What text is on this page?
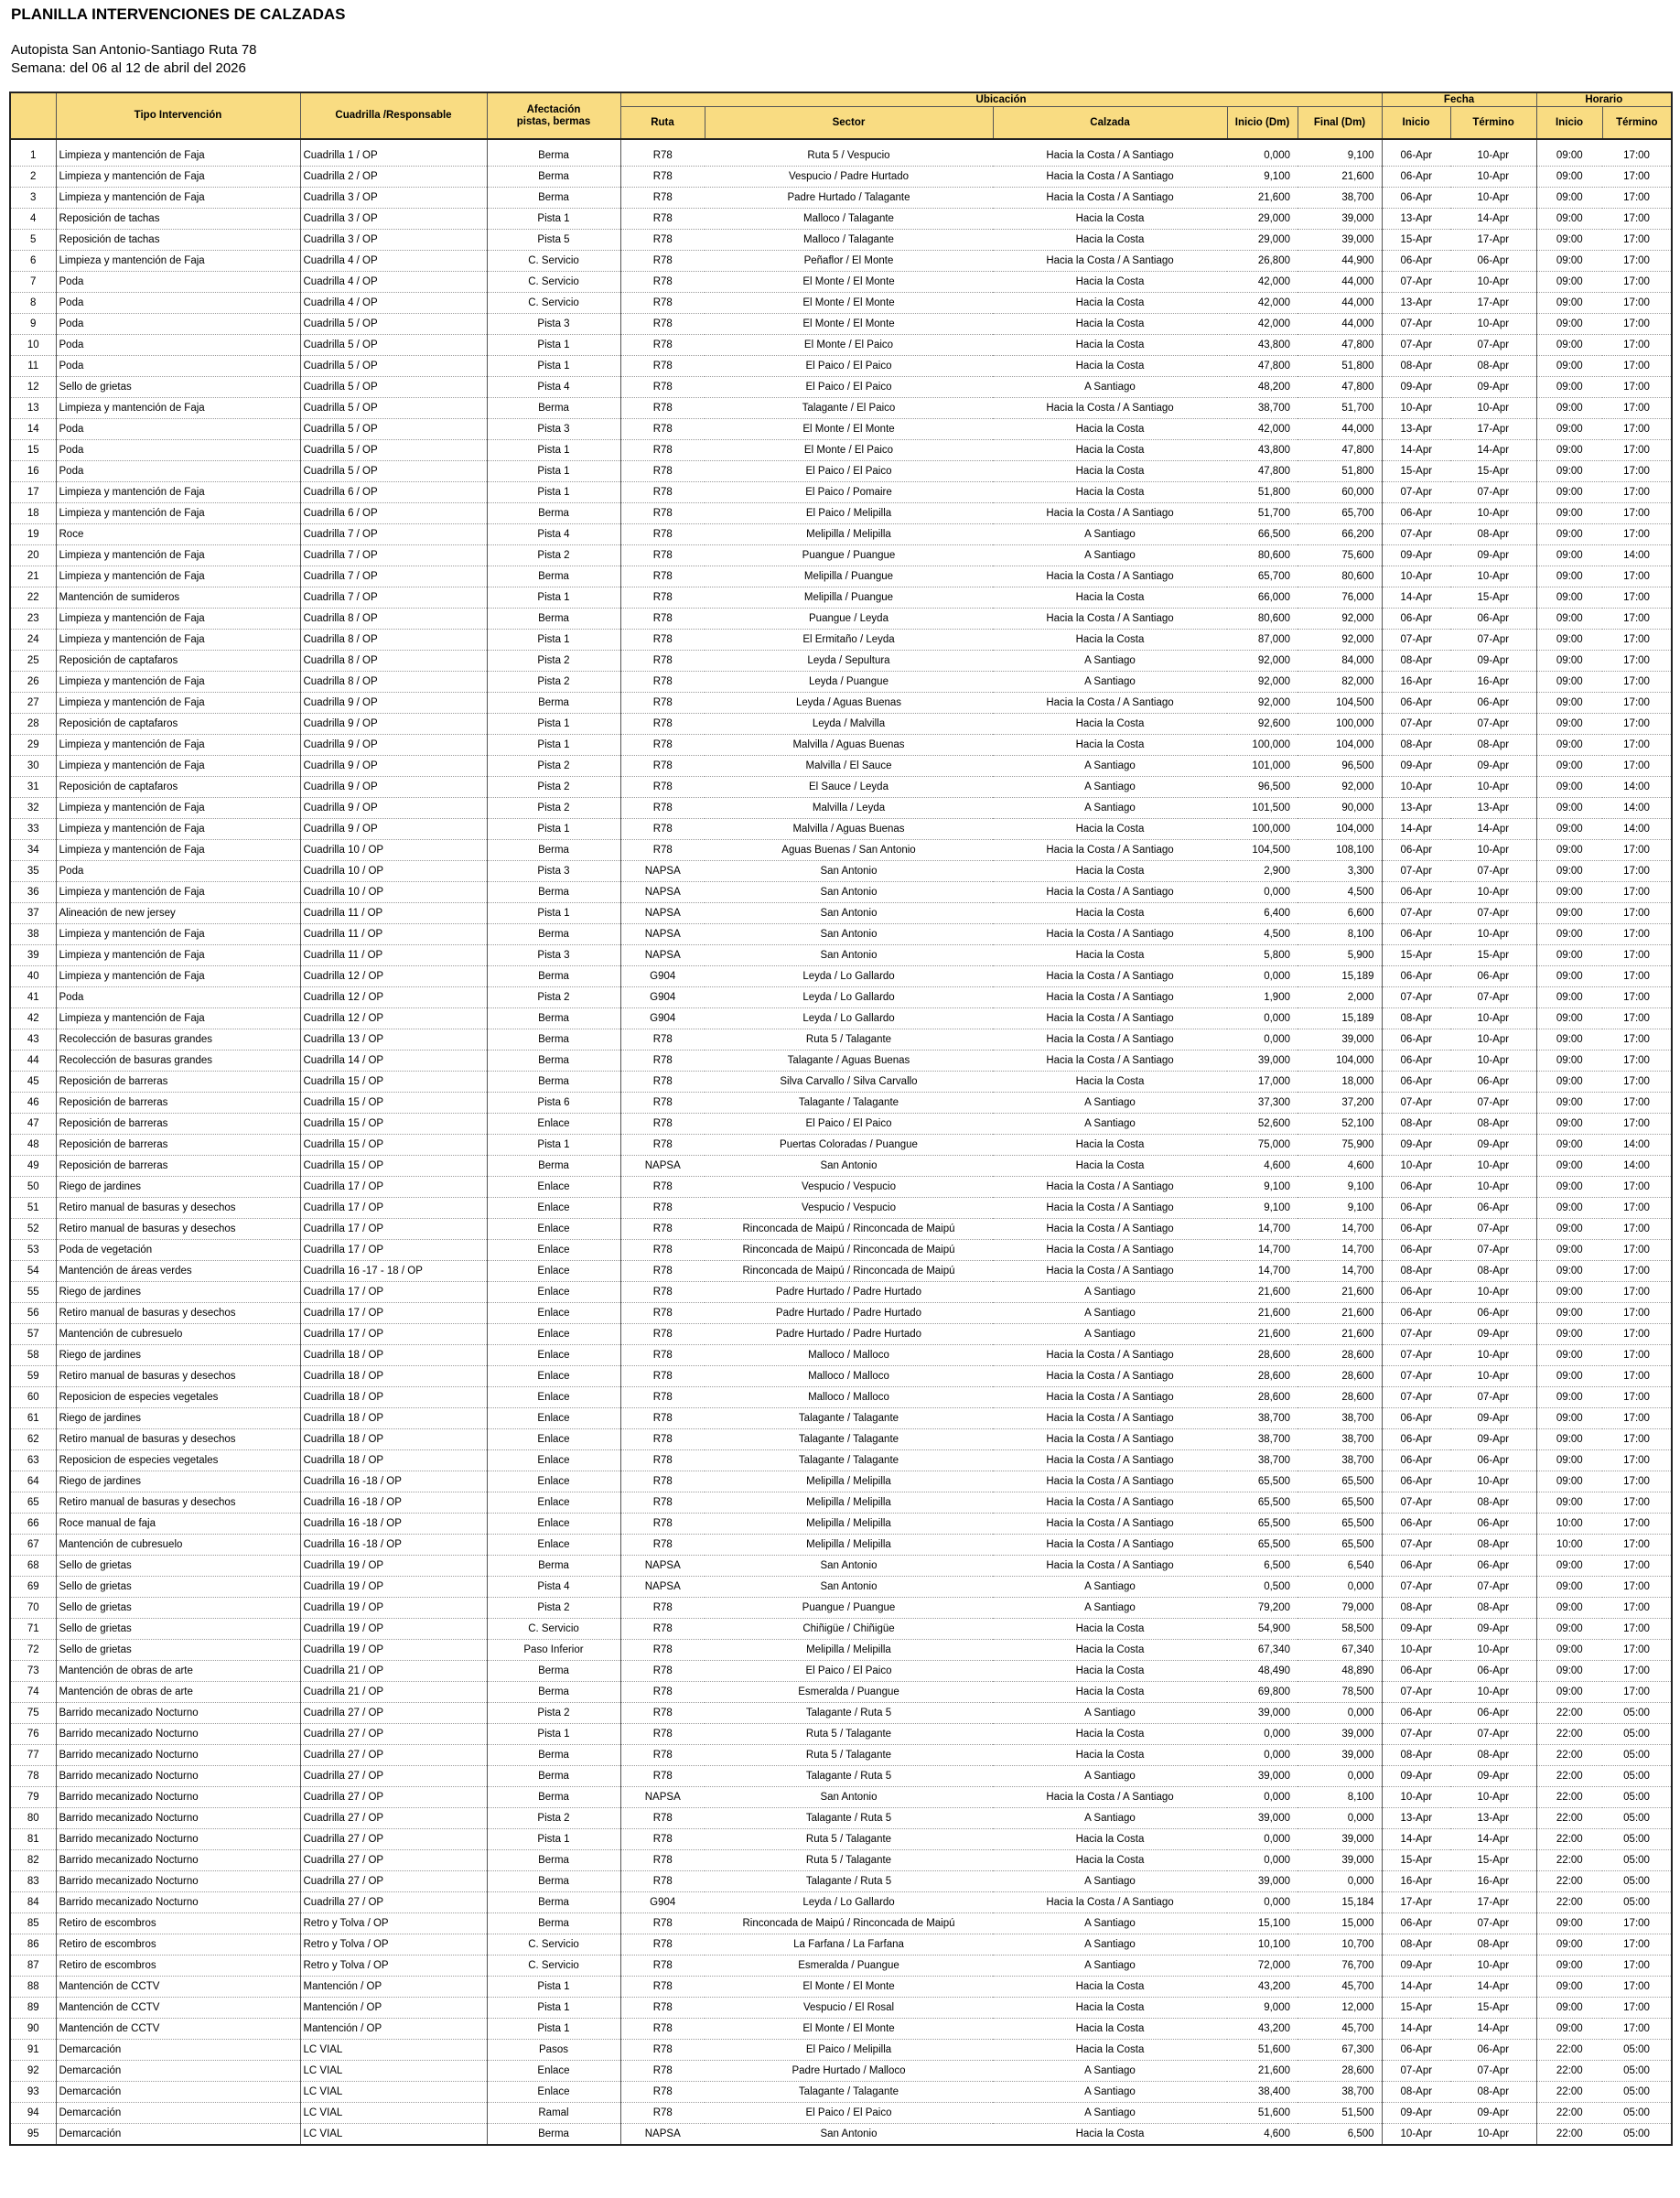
PLANILLA INTERVENCIONES DE CALZADAS
Autopista San Antonio-Santiago Ruta 78
Semana: del 06 al 12 de abril del 2026
	Tipo Intervención	Cuadrilla /Responsable	Afectación
pistas, bermas	Ubicación					Fecha		Horario	
				Ruta	Sector	Calzada	Inicio (Dm)	Final (Dm)	Inicio	Término	Inicio	Término
1	Limpieza y mantención de Faja	Cuadrilla 1 / OP	Berma	R78	Ruta 5 / Vespucio	Hacia la Costa / A Santiago	0,000	9,100	06-Apr	10-Apr	09:00	17:00
2	Limpieza y mantención de Faja	Cuadrilla 2 / OP	Berma	R78	Vespucio / Padre Hurtado	Hacia la Costa / A Santiago	9,100	21,600	06-Apr	10-Apr	09:00	17:00
3	Limpieza y mantención de Faja	Cuadrilla 3 / OP	Berma	R78	Padre Hurtado / Talagante	Hacia la Costa / A Santiago	21,600	38,700	06-Apr	10-Apr	09:00	17:00
4	Reposición de tachas	Cuadrilla 3 / OP	Pista 1	R78	Malloco / Talagante	Hacia la Costa	29,000	39,000	13-Apr	14-Apr	09:00	17:00
5	Reposición de tachas	Cuadrilla 3 / OP	Pista 5	R78	Malloco / Talagante	Hacia la Costa	29,000	39,000	15-Apr	17-Apr	09:00	17:00
6	Limpieza y mantención de Faja	Cuadrilla 4 / OP	C. Servicio	R78	Peñaflor / El Monte	Hacia la Costa / A Santiago	26,800	44,900	06-Apr	06-Apr	09:00	17:00
7	Poda	Cuadrilla 4 / OP	C. Servicio	R78	El Monte / El Monte	Hacia la Costa	42,000	44,000	07-Apr	10-Apr	09:00	17:00
8	Poda	Cuadrilla 4 / OP	C. Servicio	R78	El Monte / El Monte	Hacia la Costa	42,000	44,000	13-Apr	17-Apr	09:00	17:00
9	Poda	Cuadrilla 5 / OP	Pista 3	R78	El Monte / El Monte	Hacia la Costa	42,000	44,000	07-Apr	10-Apr	09:00	17:00
10	Poda	Cuadrilla 5 / OP	Pista 1	R78	El Monte / El Paico	Hacia la Costa	43,800	47,800	07-Apr	07-Apr	09:00	17:00
11	Poda	Cuadrilla 5 / OP	Pista 1	R78	El Paico / El Paico	Hacia la Costa	47,800	51,800	08-Apr	08-Apr	09:00	17:00
12	Sello de grietas	Cuadrilla 5 / OP	Pista 4	R78	El Paico / El Paico	A Santiago	48,200	47,800	09-Apr	09-Apr	09:00	17:00
13	Limpieza y mantención de Faja	Cuadrilla 5 / OP	Berma	R78	Talagante / El Paico	Hacia la Costa / A Santiago	38,700	51,700	10-Apr	10-Apr	09:00	17:00
14	Poda	Cuadrilla 5 / OP	Pista 3	R78	El Monte / El Monte	Hacia la Costa	42,000	44,000	13-Apr	17-Apr	09:00	17:00
15	Poda	Cuadrilla 5 / OP	Pista 1	R78	El Monte / El Paico	Hacia la Costa	43,800	47,800	14-Apr	14-Apr	09:00	17:00
16	Poda	Cuadrilla 5 / OP	Pista 1	R78	El Paico / El Paico	Hacia la Costa	47,800	51,800	15-Apr	15-Apr	09:00	17:00
17	Limpieza y mantención de Faja	Cuadrilla 6 / OP	Pista 1	R78	El Paico / Pomaire	Hacia la Costa	51,800	60,000	07-Apr	07-Apr	09:00	17:00
18	Limpieza y mantención de Faja	Cuadrilla 6 / OP	Berma	R78	El Paico / Melipilla	Hacia la Costa / A Santiago	51,700	65,700	06-Apr	10-Apr	09:00	17:00
19	Roce	Cuadrilla 7 / OP	Pista 4	R78	Melipilla / Melipilla	A Santiago	66,500	66,200	07-Apr	08-Apr	09:00	17:00
20	Limpieza y mantención de Faja	Cuadrilla 7 / OP	Pista 2	R78	Puangue / Puangue	A Santiago	80,600	75,600	09-Apr	09-Apr	09:00	14:00
21	Limpieza y mantención de Faja	Cuadrilla 7 / OP	Berma	R78	Melipilla / Puangue	Hacia la Costa / A Santiago	65,700	80,600	10-Apr	10-Apr	09:00	17:00
22	Mantención de sumideros	Cuadrilla 7 / OP	Pista 1	R78	Melipilla / Puangue	Hacia la Costa	66,000	76,000	14-Apr	15-Apr	09:00	17:00
23	Limpieza y mantención de Faja	Cuadrilla 8 / OP	Berma	R78	Puangue / Leyda	Hacia la Costa / A Santiago	80,600	92,000	06-Apr	06-Apr	09:00	17:00
24	Limpieza y mantención de Faja	Cuadrilla 8 / OP	Pista 1	R78	El Ermitaño / Leyda	Hacia la Costa	87,000	92,000	07-Apr	07-Apr	09:00	17:00
25	Reposición de captafaros	Cuadrilla 8 / OP	Pista 2	R78	Leyda / Sepultura	A Santiago	92,000	84,000	08-Apr	09-Apr	09:00	17:00
26	Limpieza y mantención de Faja	Cuadrilla 8 / OP	Pista 2	R78	Leyda / Puangue	A Santiago	92,000	82,000	16-Apr	16-Apr	09:00	17:00
27	Limpieza y mantención de Faja	Cuadrilla 9 / OP	Berma	R78	Leyda / Aguas Buenas	Hacia la Costa / A Santiago	92,000	104,500	06-Apr	06-Apr	09:00	17:00
28	Reposición de captafaros	Cuadrilla 9 / OP	Pista 1	R78	Leyda / Malvilla	Hacia la Costa	92,600	100,000	07-Apr	07-Apr	09:00	17:00
29	Limpieza y mantención de Faja	Cuadrilla 9 / OP	Pista 1	R78	Malvilla / Aguas Buenas	Hacia la Costa	100,000	104,000	08-Apr	08-Apr	09:00	17:00
30	Limpieza y mantención de Faja	Cuadrilla 9 / OP	Pista 2	R78	Malvilla / El Sauce	A Santiago	101,000	96,500	09-Apr	09-Apr	09:00	17:00
31	Reposición de captafaros	Cuadrilla 9 / OP	Pista 2	R78	El Sauce / Leyda	A Santiago	96,500	92,000	10-Apr	10-Apr	09:00	14:00
32	Limpieza y mantención de Faja	Cuadrilla 9 / OP	Pista 2	R78	Malvilla / Leyda	A Santiago	101,500	90,000	13-Apr	13-Apr	09:00	14:00
33	Limpieza y mantención de Faja	Cuadrilla 9 / OP	Pista 1	R78	Malvilla / Aguas Buenas	Hacia la Costa	100,000	104,000	14-Apr	14-Apr	09:00	14:00
34	Limpieza y mantención de Faja	Cuadrilla 10 / OP	Berma	R78	Aguas Buenas / San Antonio	Hacia la Costa / A Santiago	104,500	108,100	06-Apr	10-Apr	09:00	17:00
35	Poda	Cuadrilla 10 / OP	Pista 3	NAPSA	San Antonio	Hacia la Costa	2,900	3,300	07-Apr	07-Apr	09:00	17:00
36	Limpieza y mantención de Faja	Cuadrilla 10 / OP	Berma	NAPSA	San Antonio	Hacia la Costa / A Santiago	0,000	4,500	06-Apr	10-Apr	09:00	17:00
37	Alineación de new jersey	Cuadrilla 11 / OP	Pista 1	NAPSA	San Antonio	Hacia la Costa	6,400	6,600	07-Apr	07-Apr	09:00	17:00
38	Limpieza y mantención de Faja	Cuadrilla 11 / OP	Berma	NAPSA	San Antonio	Hacia la Costa / A Santiago	4,500	8,100	06-Apr	10-Apr	09:00	17:00
39	Limpieza y mantención de Faja	Cuadrilla 11 / OP	Pista 3	NAPSA	San Antonio	Hacia la Costa	5,800	5,900	15-Apr	15-Apr	09:00	17:00
40	Limpieza y mantención de Faja	Cuadrilla 12 / OP	Berma	G904	Leyda / Lo Gallardo	Hacia la Costa / A Santiago	0,000	15,189	06-Apr	06-Apr	09:00	17:00
41	Poda	Cuadrilla 12 / OP	Pista 2	G904	Leyda / Lo Gallardo	Hacia la Costa / A Santiago	1,900	2,000	07-Apr	07-Apr	09:00	17:00
42	Limpieza y mantención de Faja	Cuadrilla 12 / OP	Berma	G904	Leyda / Lo Gallardo	Hacia la Costa / A Santiago	0,000	15,189	08-Apr	10-Apr	09:00	17:00
43	Recolección de basuras grandes	Cuadrilla 13 / OP	Berma	R78	Ruta 5 / Talagante	Hacia la Costa / A Santiago	0,000	39,000	06-Apr	10-Apr	09:00	17:00
44	Recolección de basuras grandes	Cuadrilla 14 / OP	Berma	R78	Talagante / Aguas Buenas	Hacia la Costa / A Santiago	39,000	104,000	06-Apr	10-Apr	09:00	17:00
45	Reposición de barreras	Cuadrilla 15 / OP	Berma	R78	Silva Carvallo / Silva Carvallo	Hacia la Costa	17,000	18,000	06-Apr	06-Apr	09:00	17:00
46	Reposición de barreras	Cuadrilla 15 / OP	Pista 6	R78	Talagante / Talagante	A Santiago	37,300	37,200	07-Apr	07-Apr	09:00	17:00
47	Reposición de barreras	Cuadrilla 15 / OP	Enlace	R78	El Paico / El Paico	A Santiago	52,600	52,100	08-Apr	08-Apr	09:00	17:00
48	Reposición de barreras	Cuadrilla 15 / OP	Pista 1	R78	Puertas Coloradas / Puangue	Hacia la Costa	75,000	75,900	09-Apr	09-Apr	09:00	14:00
49	Reposición de barreras	Cuadrilla 15 / OP	Berma	NAPSA	San Antonio	Hacia la Costa	4,600	4,600	10-Apr	10-Apr	09:00	14:00
50	Riego de jardines	Cuadrilla 17 / OP	Enlace	R78	Vespucio / Vespucio	Hacia la Costa / A Santiago	9,100	9,100	06-Apr	10-Apr	09:00	17:00
51	Retiro manual de basuras y desechos	Cuadrilla 17 / OP	Enlace	R78	Vespucio / Vespucio	Hacia la Costa / A Santiago	9,100	9,100	06-Apr	06-Apr	09:00	17:00
52	Retiro manual de basuras y desechos	Cuadrilla 17 / OP	Enlace	R78	Rinconcada de Maipú / Rinconcada de Maipú	Hacia la Costa / A Santiago	14,700	14,700	06-Apr	07-Apr	09:00	17:00
53	Poda de vegetación	Cuadrilla 17 / OP	Enlace	R78	Rinconcada de Maipú / Rinconcada de Maipú	Hacia la Costa / A Santiago	14,700	14,700	06-Apr	07-Apr	09:00	17:00
54	Mantención de áreas verdes	Cuadrilla 16 -17 - 18 / OP	Enlace	R78	Rinconcada de Maipú / Rinconcada de Maipú	Hacia la Costa / A Santiago	14,700	14,700	08-Apr	08-Apr	09:00	17:00
55	Riego de jardines	Cuadrilla 17 / OP	Enlace	R78	Padre Hurtado / Padre Hurtado	A Santiago	21,600	21,600	06-Apr	10-Apr	09:00	17:00
56	Retiro manual de basuras y desechos	Cuadrilla 17 / OP	Enlace	R78	Padre Hurtado / Padre Hurtado	A Santiago	21,600	21,600	06-Apr	06-Apr	09:00	17:00
57	Mantención de cubresuelo	Cuadrilla 17 / OP	Enlace	R78	Padre Hurtado / Padre Hurtado	A Santiago	21,600	21,600	07-Apr	09-Apr	09:00	17:00
58	Riego de jardines	Cuadrilla 18 / OP	Enlace	R78	Malloco / Malloco	Hacia la Costa / A Santiago	28,600	28,600	07-Apr	10-Apr	09:00	17:00
59	Retiro manual de basuras y desechos	Cuadrilla 18 / OP	Enlace	R78	Malloco / Malloco	Hacia la Costa / A Santiago	28,600	28,600	07-Apr	10-Apr	09:00	17:00
60	Reposicion de especies vegetales	Cuadrilla 18 / OP	Enlace	R78	Malloco / Malloco	Hacia la Costa / A Santiago	28,600	28,600	07-Apr	07-Apr	09:00	17:00
61	Riego de jardines	Cuadrilla 18 / OP	Enlace	R78	Talagante / Talagante	Hacia la Costa / A Santiago	38,700	38,700	06-Apr	09-Apr	09:00	17:00
62	Retiro manual de basuras y desechos	Cuadrilla 18 / OP	Enlace	R78	Talagante / Talagante	Hacia la Costa / A Santiago	38,700	38,700	06-Apr	09-Apr	09:00	17:00
63	Reposicion de especies vegetales	Cuadrilla 18 / OP	Enlace	R78	Talagante / Talagante	Hacia la Costa / A Santiago	38,700	38,700	06-Apr	06-Apr	09:00	17:00
64	Riego de jardines	Cuadrilla 16 -18 / OP	Enlace	R78	Melipilla / Melipilla	Hacia la Costa / A Santiago	65,500	65,500	06-Apr	10-Apr	09:00	17:00
65	Retiro manual de basuras y desechos	Cuadrilla 16 -18 / OP	Enlace	R78	Melipilla / Melipilla	Hacia la Costa / A Santiago	65,500	65,500	07-Apr	08-Apr	09:00	17:00
66	Roce manual de faja	Cuadrilla 16 -18 / OP	Enlace	R78	Melipilla / Melipilla	Hacia la Costa / A Santiago	65,500	65,500	06-Apr	06-Apr	10:00	17:00
67	Mantención de cubresuelo	Cuadrilla 16 -18 / OP	Enlace	R78	Melipilla / Melipilla	Hacia la Costa / A Santiago	65,500	65,500	07-Apr	08-Apr	10:00	17:00
68	Sello de grietas	Cuadrilla 19 / OP	Berma	NAPSA	San Antonio	Hacia la Costa / A Santiago	6,500	6,540	06-Apr	06-Apr	09:00	17:00
69	Sello de grietas	Cuadrilla 19 / OP	Pista 4	NAPSA	San Antonio	A Santiago	0,500	0,000	07-Apr	07-Apr	09:00	17:00
70	Sello de grietas	Cuadrilla 19 / OP	Pista 2	R78	Puangue / Puangue	A Santiago	79,200	79,000	08-Apr	08-Apr	09:00	17:00
71	Sello de grietas	Cuadrilla 19 / OP	C. Servicio	R78	Chiñigüe / Chiñigüe	Hacia la Costa	54,900	58,500	09-Apr	09-Apr	09:00	17:00
72	Sello de grietas	Cuadrilla 19 / OP	Paso Inferior	R78	Melipilla / Melipilla	Hacia la Costa	67,340	67,340	10-Apr	10-Apr	09:00	17:00
73	Mantención de obras de arte	Cuadrilla 21 / OP	Berma	R78	El Paico / El Paico	Hacia la Costa	48,490	48,890	06-Apr	06-Apr	09:00	17:00
74	Mantención de obras de arte	Cuadrilla 21 / OP	Berma	R78	Esmeralda / Puangue	Hacia la Costa	69,800	78,500	07-Apr	10-Apr	09:00	17:00
75	Barrido mecanizado Nocturno	Cuadrilla 27 / OP	Pista 2	R78	Talagante / Ruta 5	A Santiago	39,000	0,000	06-Apr	06-Apr	22:00	05:00
76	Barrido mecanizado Nocturno	Cuadrilla 27 / OP	Pista 1	R78	Ruta 5 / Talagante	Hacia la Costa	0,000	39,000	07-Apr	07-Apr	22:00	05:00
77	Barrido mecanizado Nocturno	Cuadrilla 27 / OP	Berma	R78	Ruta 5 / Talagante	Hacia la Costa	0,000	39,000	08-Apr	08-Apr	22:00	05:00
78	Barrido mecanizado Nocturno	Cuadrilla 27 / OP	Berma	R78	Talagante / Ruta 5	A Santiago	39,000	0,000	09-Apr	09-Apr	22:00	05:00
79	Barrido mecanizado Nocturno	Cuadrilla 27 / OP	Berma	NAPSA	San Antonio	Hacia la Costa / A Santiago	0,000	8,100	10-Apr	10-Apr	22:00	05:00
80	Barrido mecanizado Nocturno	Cuadrilla 27 / OP	Pista 2	R78	Talagante / Ruta 5	A Santiago	39,000	0,000	13-Apr	13-Apr	22:00	05:00
81	Barrido mecanizado Nocturno	Cuadrilla 27 / OP	Pista 1	R78	Ruta 5 / Talagante	Hacia la Costa	0,000	39,000	14-Apr	14-Apr	22:00	05:00
82	Barrido mecanizado Nocturno	Cuadrilla 27 / OP	Berma	R78	Ruta 5 / Talagante	Hacia la Costa	0,000	39,000	15-Apr	15-Apr	22:00	05:00
83	Barrido mecanizado Nocturno	Cuadrilla 27 / OP	Berma	R78	Talagante / Ruta 5	A Santiago	39,000	0,000	16-Apr	16-Apr	22:00	05:00
84	Barrido mecanizado Nocturno	Cuadrilla 27 / OP	Berma	G904	Leyda / Lo Gallardo	Hacia la Costa / A Santiago	0,000	15,184	17-Apr	17-Apr	22:00	05:00
85	Retiro de escombros	Retro y Tolva / OP	Berma	R78	Rinconcada de Maipú / Rinconcada de Maipú	A Santiago	15,100	15,000	06-Apr	07-Apr	09:00	17:00
86	Retiro de escombros	Retro y Tolva / OP	C. Servicio	R78	La Farfana / La Farfana	A Santiago	10,100	10,700	08-Apr	08-Apr	09:00	17:00
87	Retiro de escombros	Retro y Tolva / OP	C. Servicio	R78	Esmeralda / Puangue	A Santiago	72,000	76,700	09-Apr	10-Apr	09:00	17:00
88	Mantención de CCTV	Mantención / OP	Pista 1	R78	El Monte / El Monte	Hacia la Costa	43,200	45,700	14-Apr	14-Apr	09:00	17:00
89	Mantención de CCTV	Mantención / OP	Pista 1	R78	Vespucio / El Rosal	Hacia la Costa	9,000	12,000	15-Apr	15-Apr	09:00	17:00
90	Mantención de CCTV	Mantención / OP	Pista 1	R78	El Monte / El Monte	Hacia la Costa	43,200	45,700	14-Apr	14-Apr	09:00	17:00
91	Demarcación	LC VIAL	Pasos	R78	El Paico / Melipilla	Hacia la Costa	51,600	67,300	06-Apr	06-Apr	22:00	05:00
92	Demarcación	LC VIAL	Enlace	R78	Padre Hurtado / Malloco	A Santiago	21,600	28,600	07-Apr	07-Apr	22:00	05:00
93	Demarcación	LC VIAL	Enlace	R78	Talagante / Talagante	A Santiago	38,400	38,700	08-Apr	08-Apr	22:00	05:00
94	Demarcación	LC VIAL	Ramal	R78	El Paico / El Paico	A Santiago	51,600	51,500	09-Apr	09-Apr	22:00	05:00
95	Demarcación	LC VIAL	Berma	NAPSA	San Antonio	Hacia la Costa	4,600	6,500	10-Apr	10-Apr	22:00	05:00
